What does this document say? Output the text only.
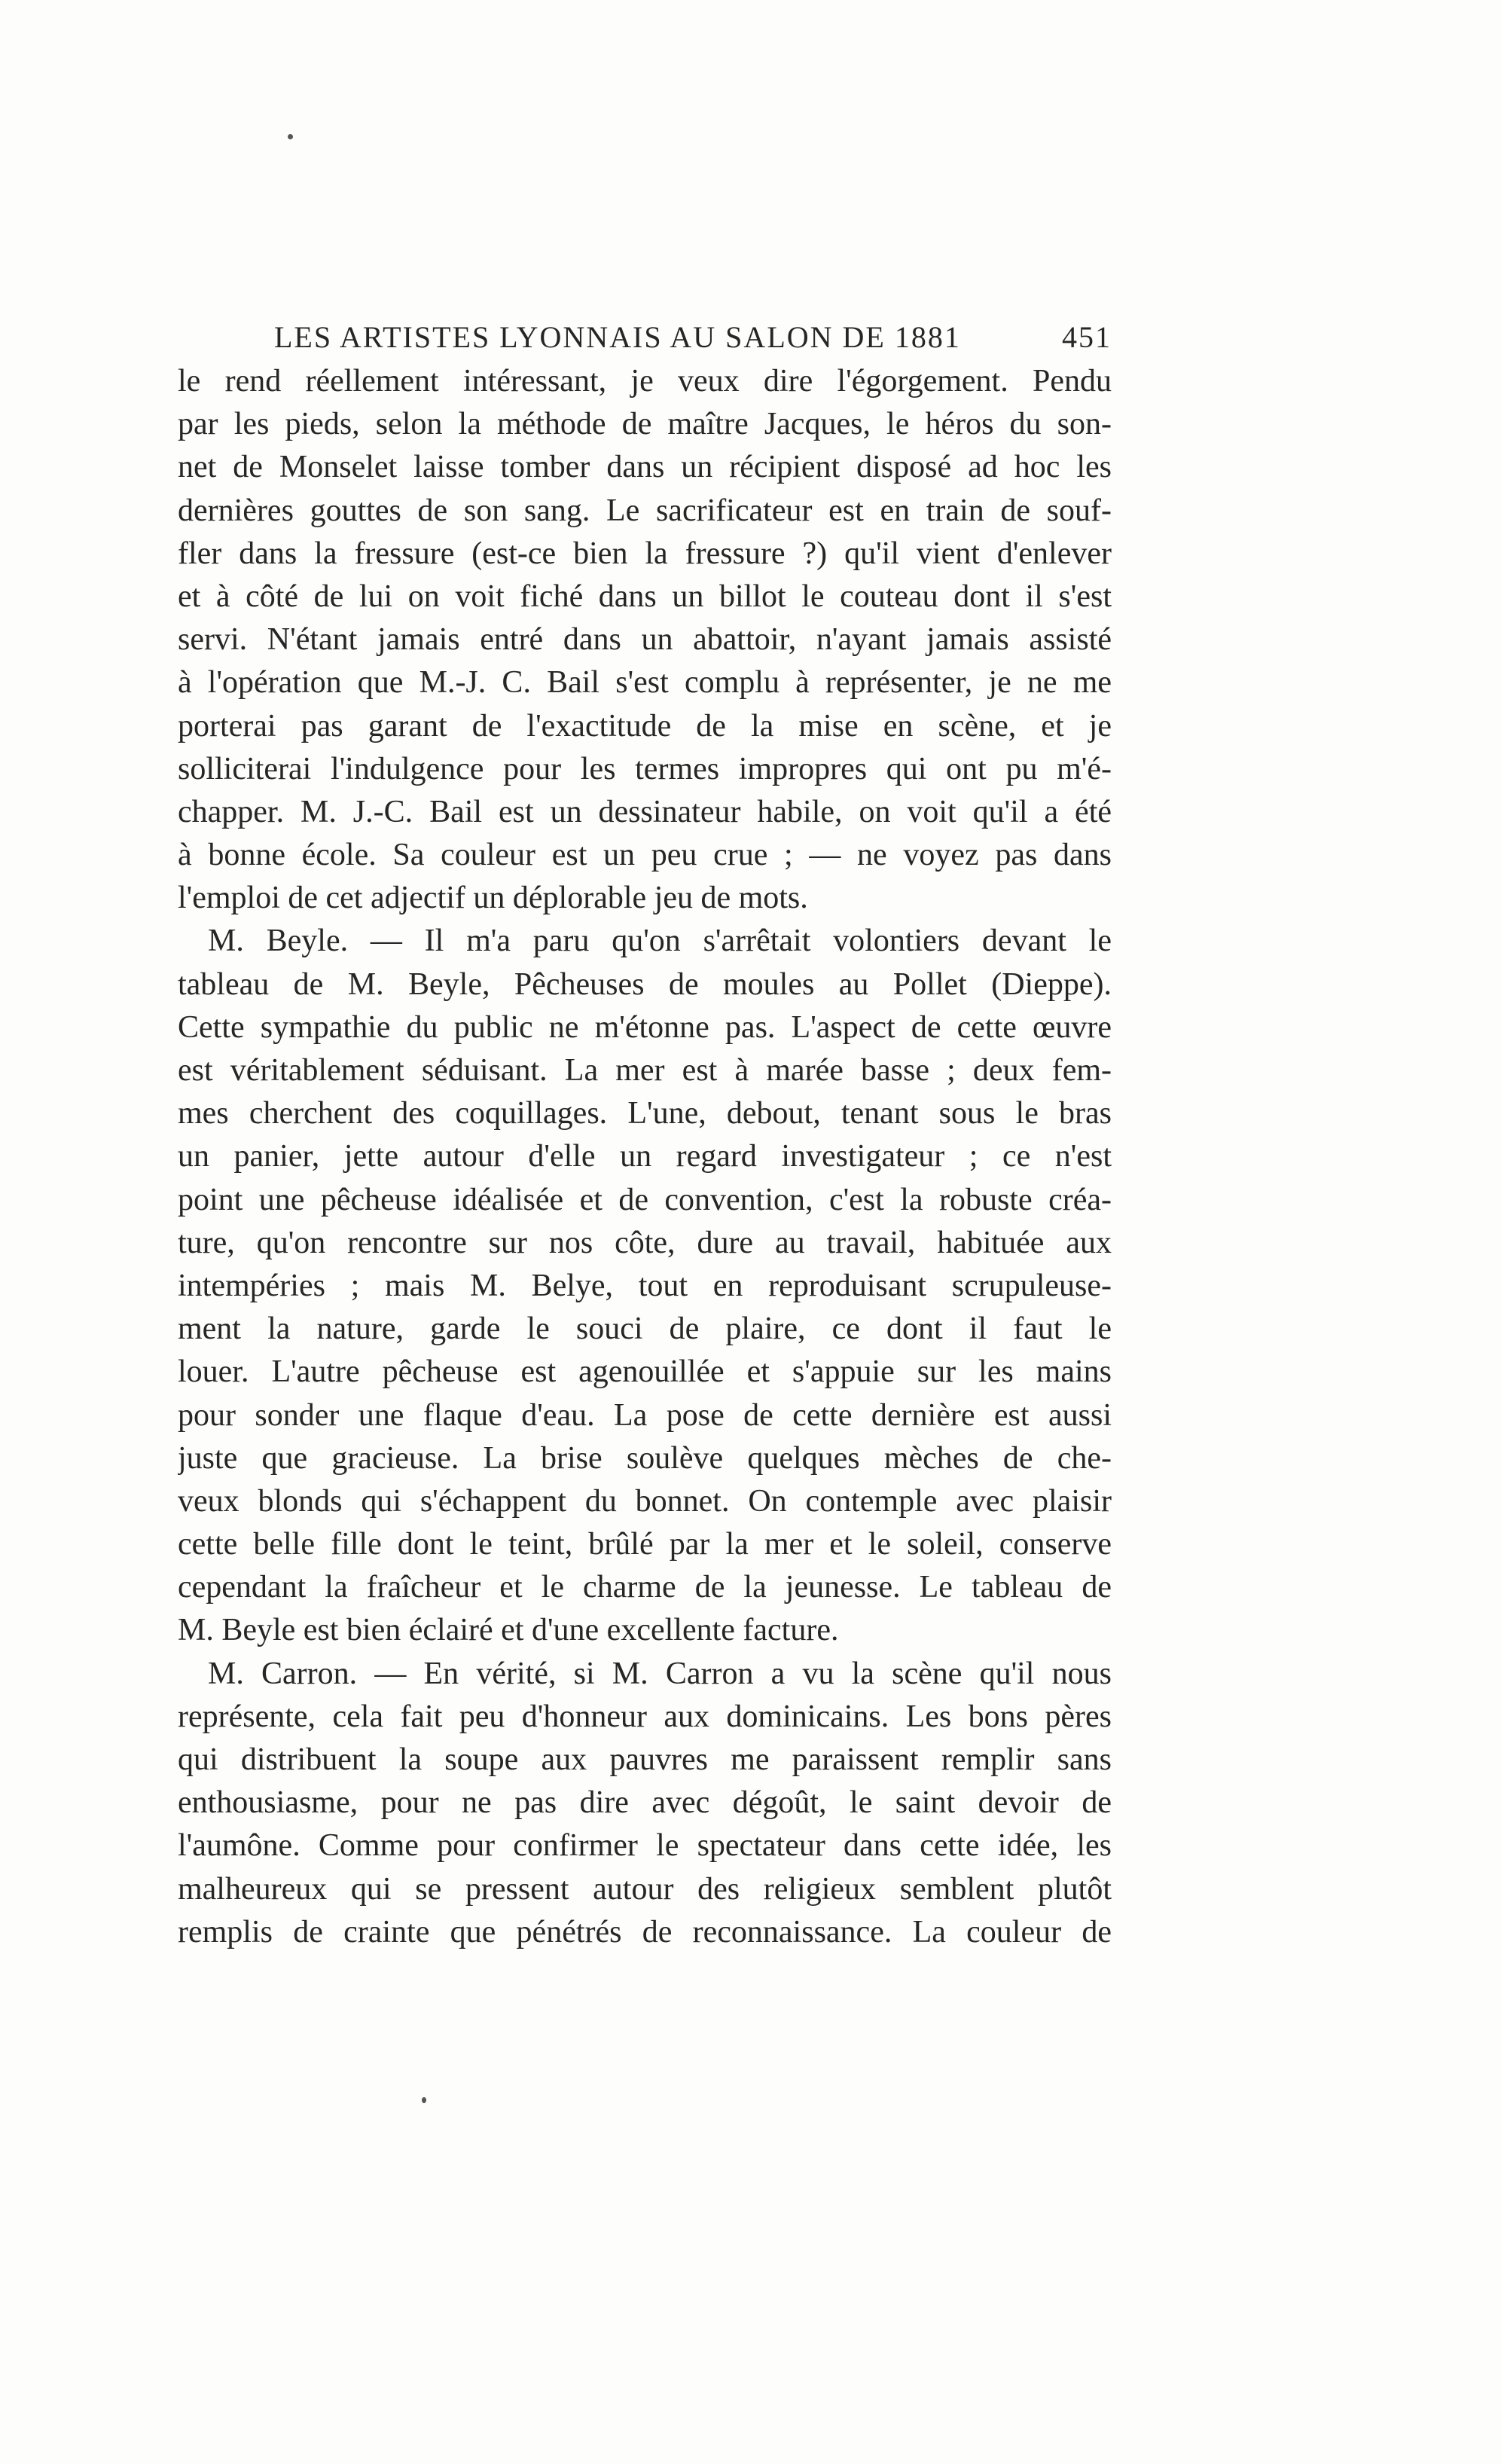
LES ARTISTES LYONNAIS AU SALON DE 1881	451
le rend réellement intéressant, je veux dire l'égorgement. Pendu
par les pieds, selon la méthode de maître Jacques, le héros du son-
net de Monselet laisse tomber dans un récipient disposé ad hoc les
dernières gouttes de son sang. Le sacrificateur est en train de souf-
fler dans la fressure (est-ce bien la fressure ?) qu'il vient d'enlever
et à côté de lui on voit fiché dans un billot le couteau dont il s'est
servi. N'étant jamais entré dans un abattoir, n'ayant jamais assisté
à l'opération que M.-J. C. Bail s'est complu à représenter, je ne me
porterai pas garant de l'exactitude de la mise en scène, et je
solliciterai l'indulgence pour les termes impropres qui ont pu m'é-
chapper. M. J.-C. Bail est un dessinateur habile, on voit qu'il a été
à bonne école. Sa couleur est un peu crue ; — ne voyez pas dans
l'emploi de cet adjectif un déplorable jeu de mots.
M. Beyle. — Il m'a paru qu'on s'arrêtait volontiers devant le
tableau de M. Beyle, Pêcheuses de moules au Pollet (Dieppe).
Cette sympathie du public ne m'étonne pas. L'aspect de cette œuvre
est véritablement séduisant. La mer est à marée basse ; deux fem-
mes cherchent des coquillages. L'une, debout, tenant sous le bras
un panier, jette autour d'elle un regard investigateur ; ce n'est
point une pêcheuse idéalisée et de convention, c'est la robuste créa-
ture, qu'on rencontre sur nos côte, dure au travail, habituée aux
intempéries ; mais M. Belye, tout en reproduisant scrupuleuse-
ment la nature, garde le souci de plaire, ce dont il faut le
louer. L'autre pêcheuse est agenouillée et s'appuie sur les mains
pour sonder une flaque d'eau. La pose de cette dernière est aussi
juste que gracieuse. La brise soulève quelques mèches de che-
veux blonds qui s'échappent du bonnet. On contemple avec plaisir
cette belle fille dont le teint, brûlé par la mer et le soleil, conserve
cependant la fraîcheur et le charme de la jeunesse. Le tableau de
M. Beyle est bien éclairé et d'une excellente facture.
M. Carron. — En vérité, si M. Carron a vu la scène qu'il nous
représente, cela fait peu d'honneur aux dominicains. Les bons pères
qui distribuent la soupe aux pauvres me paraissent remplir sans
enthousiasme, pour ne pas dire avec dégoût, le saint devoir de
l'aumône. Comme pour confirmer le spectateur dans cette idée, les
malheureux qui se pressent autour des religieux semblent plutôt
remplis de crainte que pénétrés de reconnaissance. La couleur de
